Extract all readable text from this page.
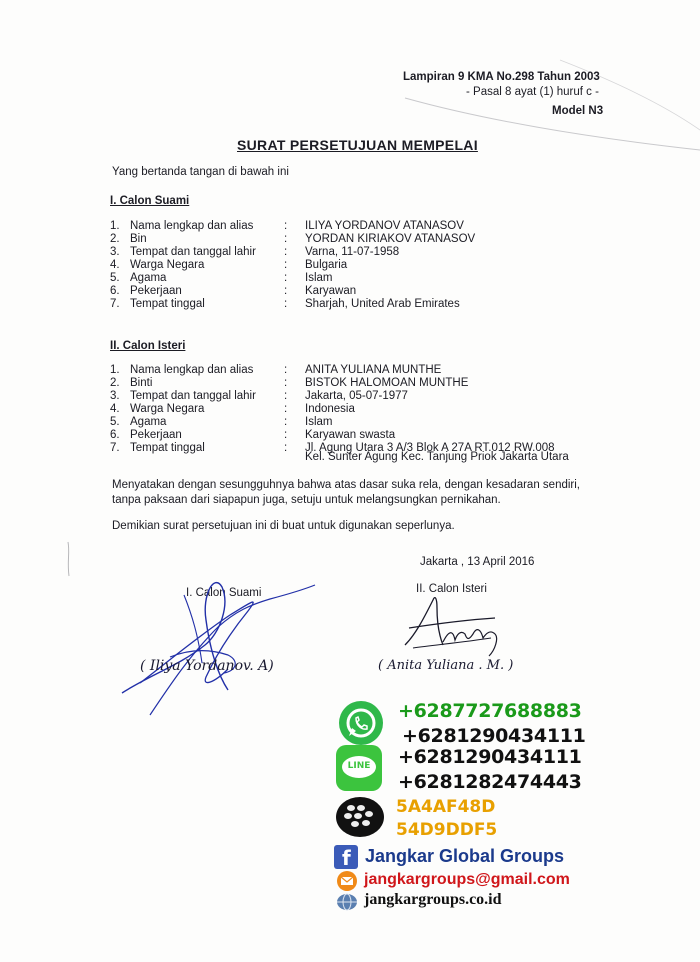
Lampiran 9 KMA No.298 Tahun 2003
- Pasal 8 ayat (1) huruf c -
Model N3
SURAT PERSETUJUAN MEMPELAI
Yang bertanda tangan di bawah ini
I. Calon Suami
1. Nama lengkap dan alias	: ILIYA YORDANOV ATANASOV
2. Bin	: YORDAN KIRIAKOV ATANASOV
3. Tempat dan tanggal lahir : Varna, 11-07-1958
4. Warga Negara	: Bulgaria
5. Agama	: Islam
6. Pekerjaan	: Karyawan
7. Tempat tinggal	: Sharjah, United Arab Emirates
II. Calon Isteri
1. Nama lengkap dan alias	: ANITA YULIANA MUNTHE
2. Binti	: BISTOK HALOMOAN MUNTHE
3. Tempat dan tanggal lahir : Jakarta, 05-07-1977
4. Warga Negara	: Indonesia
5. Agama	: Islam
6. Pekerjaan	: Karyawan swasta
7. Tempat tinggal	: Jl. Agung Utara 3 A/3 Blok A 27A RT.012 RW.008
Kel. Sunter Agung Kec. Tanjung Priok Jakarta Utara
Menyatakan dengan sesungguhnya bahwa atas dasar suka rela, dengan kesadaran sendiri,
tanpa paksaan dari siapapun juga, setuju untuk melangsungkan pernikahan.
Demikian surat persetujuan ini di buat untuk digunakan seperlunya.
Jakarta , 13 April 2016
I. Calon Suami	II. Calon Isteri
( Iliya Yordanov. A)	( Anita Yuliana . M. )
+6287727688883
+6281290434111
LINE	+6281290434111
+6281282474443
5A4AF48D
54D9DDF5
f Jangkar Global Groups
jangkargroups@gmail.com
jangkargroups.co.id
